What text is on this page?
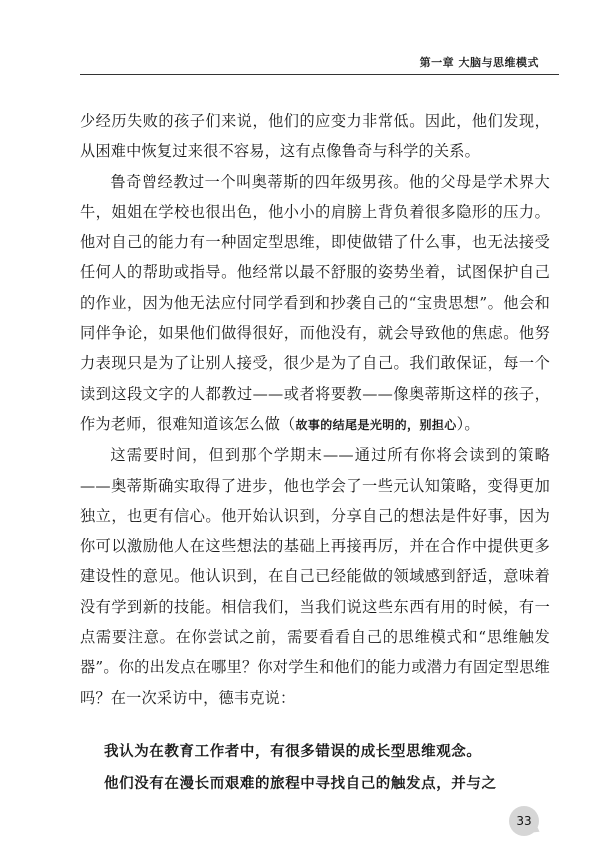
第一章 大脑与思维模式

少经历失败的孩子们来说，他们的应变力非常低。因此，他们发现，从困难中恢复过来很不容易，这有点像鲁奇与科学的关系。

鲁奇曾经教过一个叫奥蒂斯的四年级男孩。他的父母是学术界大牛，姐姐在学校也很出色，他小小的肩膀上背负着很多隐形的压力。他对自己的能力有一种固定型思维，即使做错了什么事，也无法接受任何人的帮助或指导。他经常以最不舒服的姿势坐着，试图保护自己的作业，因为他无法应付同学看到和抄袭自己的“宝贵思想”。他会和同伴争论，如果他们做得很好，而他没有，就会导致他的焦虑。他努力表现只是为了让别人接受，很少是为了自己。我们敢保证，每一个读到这段文字的人都教过——或者将要教——像奥蒂斯这样的孩子，作为老师，很难知道该怎么做（故事的结尾是光明的，别担心）。

这需要时间，但到那个学期末——通过所有你将会读到的策略——奥蒂斯确实取得了进步，他也学会了一些元认知策略，变得更加独立，也更有信心。他开始认识到，分享自己的想法是件好事，因为你可以激励他人在这些想法的基础上再接再厉，并在合作中提供更多建设性的意见。他认识到，在自己已经能做的领域感到舒适，意味着没有学到新的技能。相信我们，当我们说这些东西有用的时候，有一点需要注意。在你尝试之前，需要看看自己的思维模式和“思维触发器”。你的出发点在哪里？你对学生和他们的能力或潜力有固定型思维吗？在一次采访中，德韦克说：

我认为在教育工作者中，有很多错误的成长型思维观念。
他们没有在漫长而艰难的旅程中寻找自己的触发点，并与之
33
